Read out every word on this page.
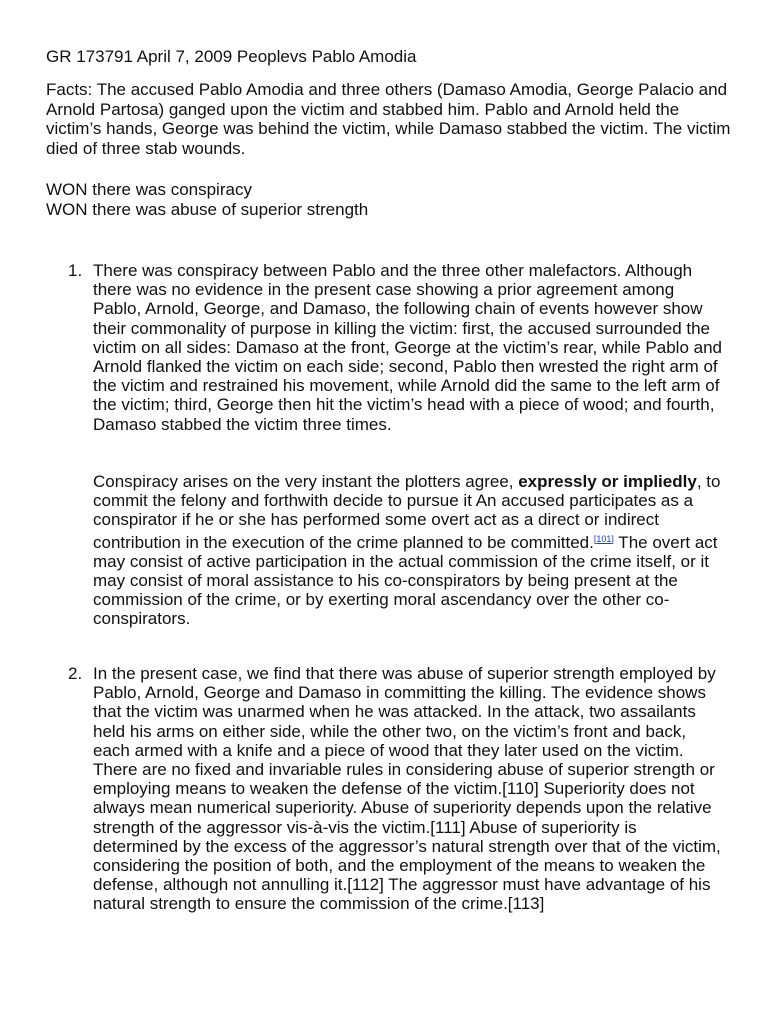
GR 173791 April 7, 2009 Peoplevs Pablo Amodia
Facts: The accused Pablo Amodia and three others (Damaso Amodia, George Palacio and Arnold Partosa) ganged upon the victim and stabbed him. Pablo and Arnold held the victim’s hands, George was behind the victim, while Damaso stabbed the victim. The victim died of three stab wounds.
WON there was conspiracy
WON there was abuse of superior strength
1. There was conspiracy between Pablo and the three other malefactors. Although there was no evidence in the present case showing a prior agreement among Pablo, Arnold, George, and Damaso, the following chain of events however show their commonality of purpose in killing the victim: first, the accused surrounded the victim on all sides: Damaso at the front, George at the victim’s rear, while Pablo and Arnold flanked the victim on each side; second, Pablo then wrested the right arm of the victim and restrained his movement, while Arnold did the same to the left arm of the victim; third, George then hit the victim’s head with a piece of wood; and fourth, Damaso stabbed the victim three times.
Conspiracy arises on the very instant the plotters agree, expressly or impliedly, to commit the felony and forthwith decide to pursue it An accused participates as a conspirator if he or she has performed some overt act as a direct or indirect contribution in the execution of the crime planned to be committed.[101] The overt act may consist of active participation in the actual commission of the crime itself, or it may consist of moral assistance to his co-conspirators by being present at the commission of the crime, or by exerting moral ascendancy over the other co-conspirators.
2. In the present case, we find that there was abuse of superior strength employed by Pablo, Arnold, George and Damaso in committing the killing. The evidence shows that the victim was unarmed when he was attacked. In the attack, two assailants held his arms on either side, while the other two, on the victim’s front and back, each armed with a knife and a piece of wood that they later used on the victim. There are no fixed and invariable rules in considering abuse of superior strength or employing means to weaken the defense of the victim.[110] Superiority does not always mean numerical superiority. Abuse of superiority depends upon the relative strength of the aggressor vis-à-vis the victim.[111] Abuse of superiority is determined by the excess of the aggressor’s natural strength over that of the victim, considering the position of both, and the employment of the means to weaken the defense, although not annulling it.[112] The aggressor must have advantage of his natural strength to ensure the commission of the crime.[113]
